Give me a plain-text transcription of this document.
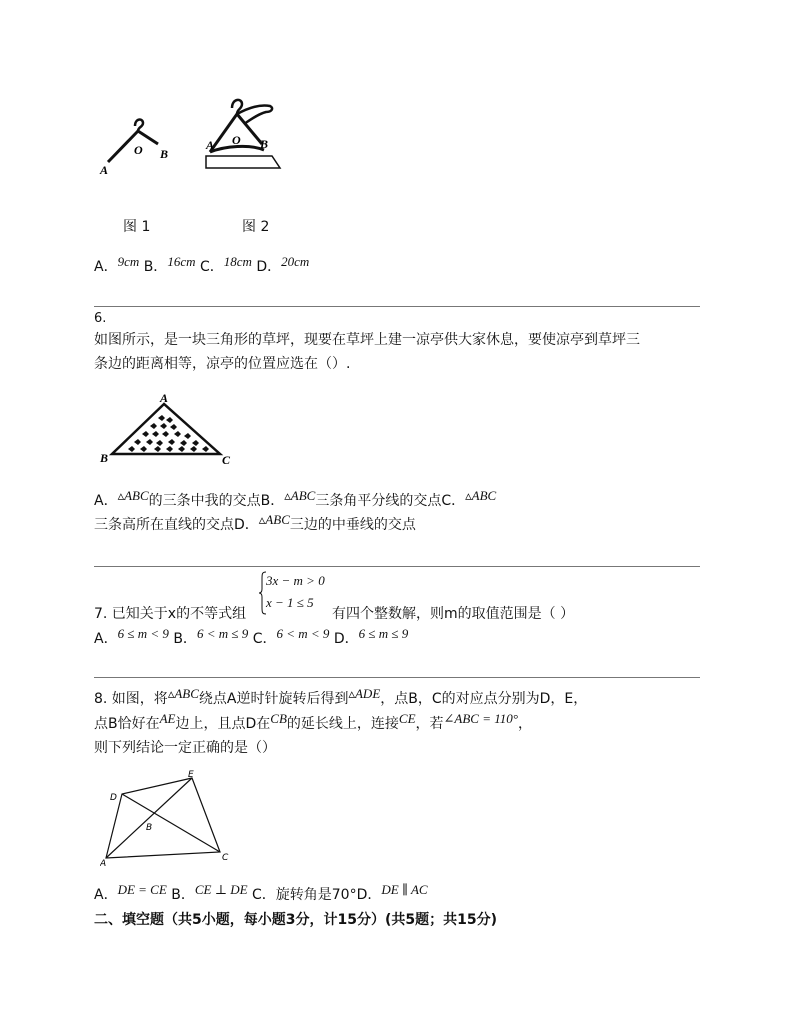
A
O B
A O B
图 1	图 2
A．9cm B．16cm C．18cm D．20cm
6.
如图所示，是一块三角形的草坪，现要在草坪上建一凉亭供大家休息，要使凉亭到草坪三
条边的距离相等，凉亭的位置应选在（）.
A
B	C
A．▵ABC的三条中我的交点B．▵ABC三条角平分线的交点C．▵ABC
三条高所在直线的交点D．▵ABC三边的中垂线的交点
3x − m > 0
x − 1 ≤ 5
7. 已知关于x的不等式组	有四个整数解，则m的取值范围是（ ）
A．6 ≤ m < 9 B．6 < m ≤ 9 C．6 < m < 9 D．6 ≤ m ≤ 9
8. 如图，将▵ABC绕点A逆时针旋转后得到▵ADE，点B，C的对应点分别为D，E，
点B恰好在AE边上，且点D在CB的延长线上，连接CE，若∠ABC = 110°，
则下列结论一定正确的是（）
A
B
C
D
E
A．DE = CE B．CE ⊥ DE C．旋转角是70°D．DE ∥ AC
二、填空题（共5小题，每小题3分，计15分）(共5题；共15分)
